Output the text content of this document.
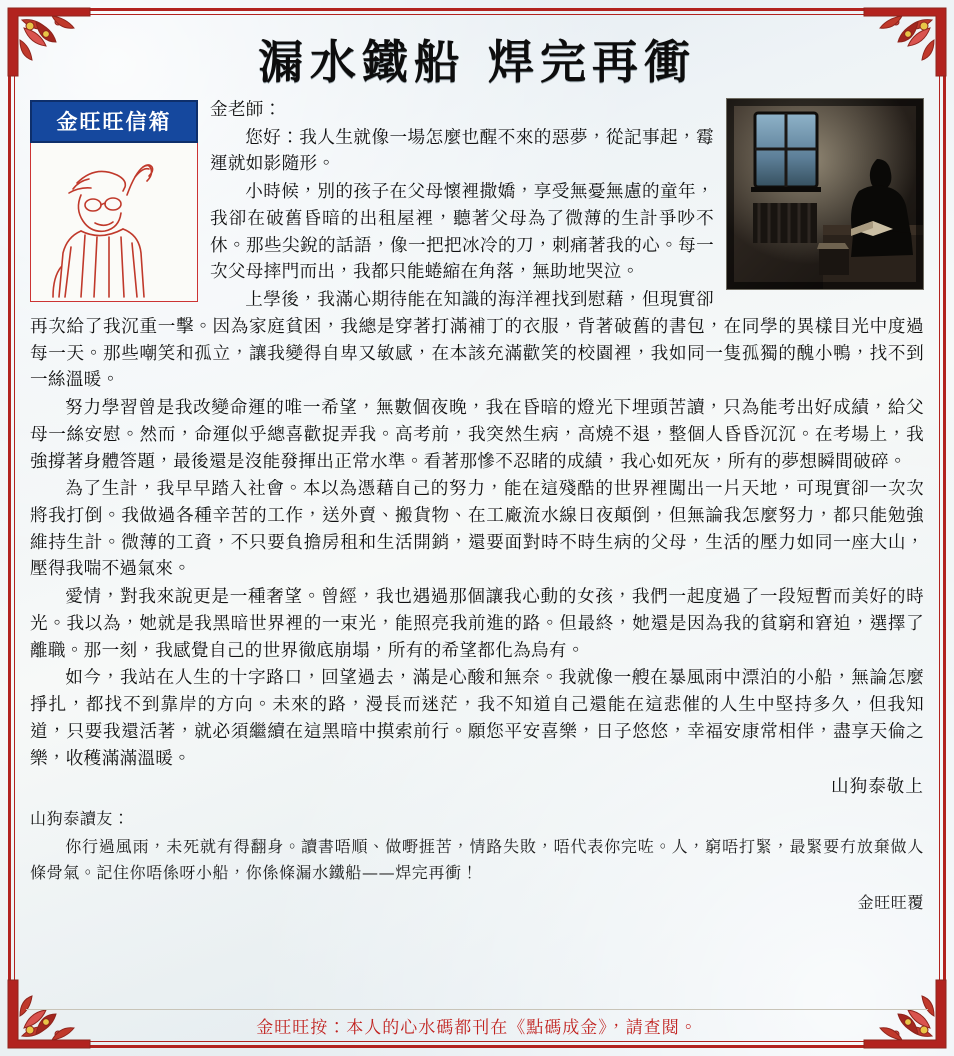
漏水鐵船 焊完再衝
金旺旺信箱	金老師：

您好：我人生就像一場怎麼也醒不來的惡夢，從記事起，霉運就如影隨形。

小時候，別的孩子在父母懷裡撒嬌，享受無憂無慮的童年，我卻在破舊昏暗的出租屋裡，聽著父母為了微薄的生計爭吵不休。那些尖銳的話語，像一把把冰冷的刀，刺痛著我的心。每一次父母摔門而出，我都只能蜷縮在角落，無助地哭泣。

上學後，我滿心期待能在知識的海洋裡找到慰藉，但現實卻再次給了我沉重一擊。因為家庭貧困，我總是穿著打滿補丁的衣服，背著破舊的書包，在同學的異樣目光中度過每一天。那些嘲笑和孤立，讓我變得自卑又敏感，在本該充滿歡笑的校園裡，我如同一隻孤獨的醜小鴨，找不到一絲溫暖。

努力學習曾是我改變命運的唯一希望，無數個夜晚，我在昏暗的燈光下埋頭苦讀，只為能考出好成績，給父母一絲安慰。然而，命運似乎總喜歡捉弄我。高考前，我突然生病，高燒不退，整個人昏昏沉沉。在考場上，我強撐著身體答題，最後還是沒能發揮出正常水準。看著那慘不忍睹的成績，我心如死灰，所有的夢想瞬間破碎。

為了生計，我早早踏入社會。本以為憑藉自己的努力，能在這殘酷的世界裡闖出一片天地，可現實卻一次次將我打倒。我做過各種辛苦的工作，送外賣、搬貨物、在工廠流水線日夜顛倒，但無論我怎麼努力，都只能勉強維持生計。微薄的工資，不只要負擔房租和生活開銷，還要面對時不時生病的父母，生活的壓力如同一座大山，壓得我喘不過氣來。

愛情，對我來說更是一種奢望。曾經，我也遇過那個讓我心動的女孩，我們一起度過了一段短暫而美好的時光。我以為，她就是我黑暗世界裡的一束光，能照亮我前進的路。但最終，她還是因為我的貧窮和窘迫，選擇了離職。那一刻，我感覺自己的世界徹底崩塌，所有的希望都化為烏有。

如今，我站在人生的十字路口，回望過去，滿是心酸和無奈。我就像一艘在暴風雨中漂泊的小船，無論怎麼掙扎，都找不到靠岸的方向。未來的路，漫長而迷茫，我不知道自己還能在這悲催的人生中堅持多久，但我知道，只要我還活著，就必須繼續在這黑暗中摸索前行。願您平安喜樂，日子悠悠，幸福安康常相伴，盡享天倫之樂，收穫滿滿溫暖。

山狗泰敬上

山狗泰讀友：

你行過風雨，未死就有得翻身。讀書唔順、做嘢捱苦，情路失敗，唔代表你完咗。人，窮唔打緊，最緊要冇放棄做人條骨氣。記住你唔係呀小船，你係條漏水鐵船——焊完再衝！

金旺旺覆
金旺旺按：本人的心水碼都刊在《點碼成金》，請查閱。
